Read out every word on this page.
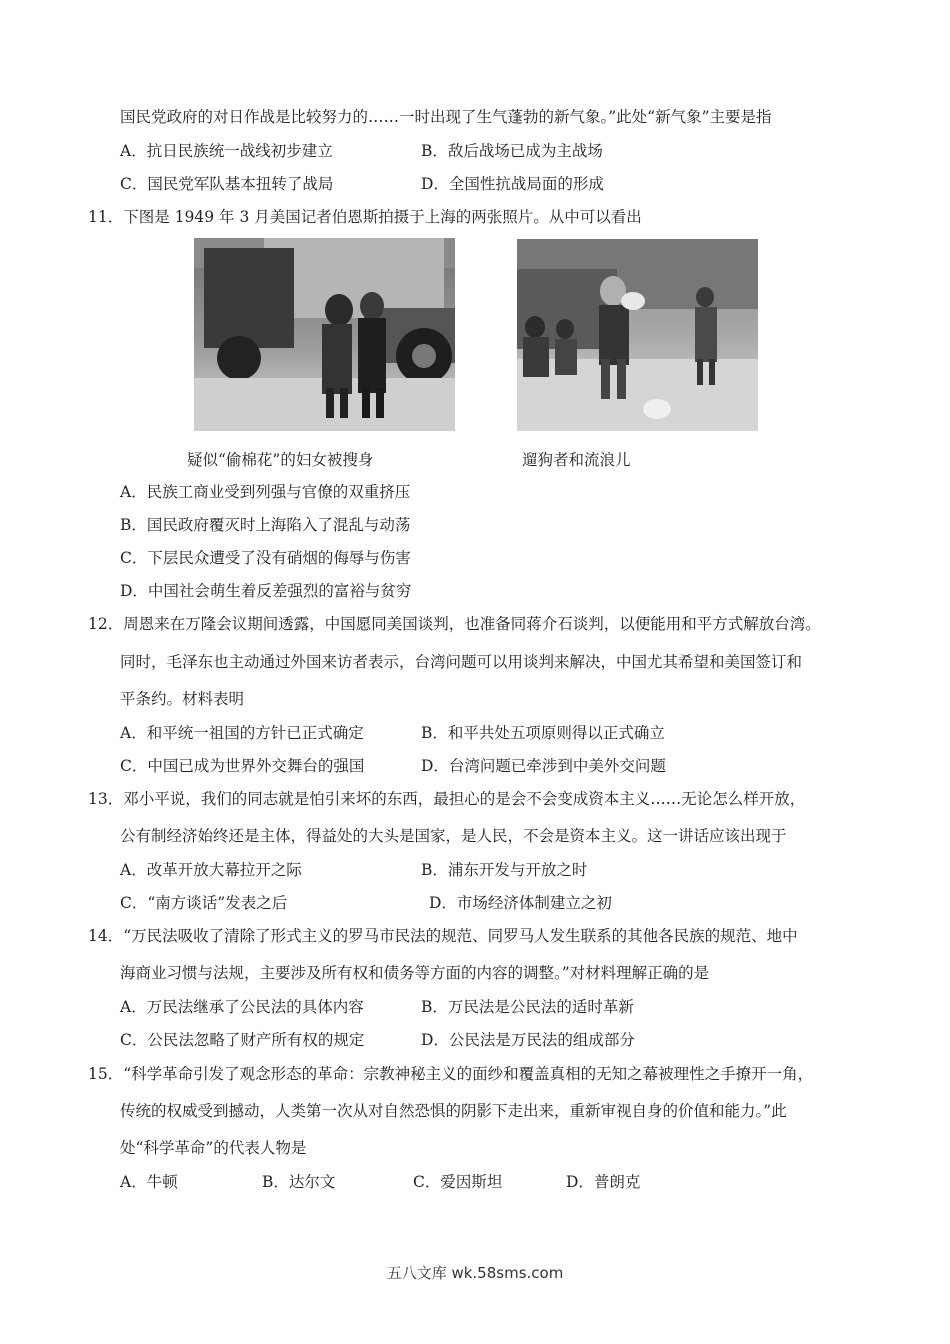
国民党政府的对日作战是比较努力的……一时出现了生气蓬勃的新气象。”此处“新气象”主要是指
A．抗日民族统一战线初步建立	B．敌后战场已成为主战场
C．国民党军队基本扭转了战局	D．全国性抗战局面的形成
11．下图是 1949 年 3 月美国记者伯恩斯拍摄于上海的两张照片。从中可以看出
疑似“偷棉花”的妇女被搜身	遛狗者和流浪儿
A．民族工商业受到列强与官僚的双重挤压
B．国民政府覆灭时上海陷入了混乱与动荡
C．下层民众遭受了没有硝烟的侮辱与伤害
D．中国社会萌生着反差强烈的富裕与贫穷
12．周恩来在万隆会议期间透露，中国愿同美国谈判，也准备同蒋介石谈判，以便能用和平方式解放台湾。
同时，毛泽东也主动通过外国来访者表示，台湾问题可以用谈判来解决，中国尤其希望和美国签订和
平条约。材料表明
A．和平统一祖国的方针已正式确定	B．和平共处五项原则得以正式确立
C．中国已成为世界外交舞台的强国	D．台湾问题已牵涉到中美外交问题
13．邓小平说，我们的同志就是怕引来坏的东西，最担心的是会不会变成资本主义……无论怎么样开放，
公有制经济始终还是主体，得益处的大头是国家，是人民，不会是资本主义。这一讲话应该出现于
A．改革开放大幕拉开之际	B．浦东开发与开放之时
C．“南方谈话”发表之后	D．市场经济体制建立之初
14．“万民法吸收了清除了形式主义的罗马市民法的规范、同罗马人发生联系的其他各民族的规范、地中
海商业习惯与法规，主要涉及所有权和债务等方面的内容的调整。”对材料理解正确的是
A．万民法继承了公民法的具体内容	B．万民法是公民法的适时革新
C．公民法忽略了财产所有权的规定	D．公民法是万民法的组成部分
15．“科学革命引发了观念形态的革命：宗教神秘主义的面纱和覆盖真相的无知之幕被理性之手撩开一角，
传统的权威受到撼动，人类第一次从对自然恐惧的阴影下走出来，重新审视自身的价值和能力。”此
处“科学革命”的代表人物是
A．牛顿	B．达尔文	C．爱因斯坦	D．普朗克
五八文库 wk.58sms.com
